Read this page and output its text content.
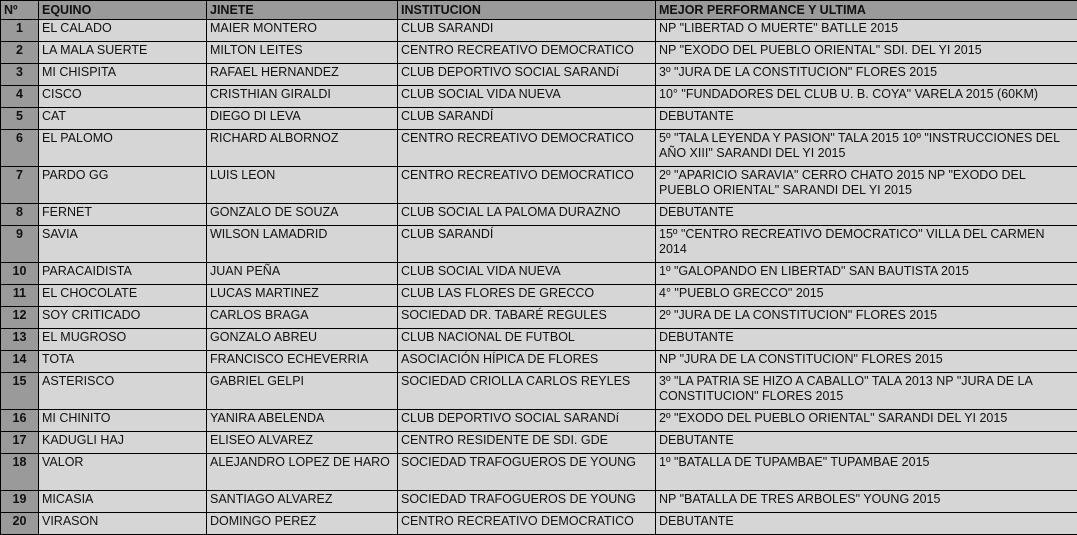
Nº	EQUINO	JINETE	INSTITUCION	MEJOR PERFORMANCE Y ULTIMA
1	EL CALADO	MAIER MONTERO	CLUB SARANDI	NP "LIBERTAD O MUERTE" BATLLE 2015
2	LA MALA SUERTE	MILTON LEITES	CENTRO RECREATIVO DEMOCRATICO	NP "EXODO DEL PUEBLO ORIENTAL" SDI. DEL YI 2015
3	MI CHISPITA	RAFAEL HERNANDEZ	CLUB DEPORTIVO SOCIAL SARANDí	3º "JURA DE LA CONSTITUCION" FLORES 2015
4	CISCO	CRISTHIAN GIRALDI	CLUB SOCIAL VIDA NUEVA	10° "FUNDADORES DEL CLUB U. B. COYA" VARELA 2015 (60KM)
5	CAT	DIEGO DI LEVA	CLUB SARANDÍ	DEBUTANTE
6	EL PALOMO	RICHARD ALBORNOZ	CENTRO RECREATIVO DEMOCRATICO	5º "TALA LEYENDA Y PASION" TALA 2015 10º "INSTRUCCIONES DEL AÑO XIII" SARANDI DEL YI 2015
7	PARDO GG	LUIS LEON	CENTRO RECREATIVO DEMOCRATICO	2º "APARICIO SARAVIA" CERRO CHATO 2015 NP "EXODO DEL PUEBLO ORIENTAL" SARANDI DEL YI 2015
8	FERNET	GONZALO DE SOUZA	CLUB SOCIAL LA PALOMA DURAZNO	DEBUTANTE
9	SAVIA	WILSON LAMADRID	CLUB SARANDÍ	15º "CENTRO RECREATIVO DEMOCRATICO" VILLA DEL CARMEN 2014
10	PARACAIDISTA	JUAN PEÑA	CLUB SOCIAL VIDA NUEVA	1º "GALOPANDO EN LIBERTAD" SAN BAUTISTA 2015
11	EL CHOCOLATE	LUCAS MARTINEZ	CLUB LAS FLORES DE GRECCO	4° "PUEBLO GRECCO" 2015
12	SOY CRITICADO	CARLOS BRAGA	SOCIEDAD DR. TABARÉ REGULES	2º "JURA DE LA CONSTITUCION" FLORES 2015
13	EL MUGROSO	GONZALO ABREU	CLUB NACIONAL DE FUTBOL	DEBUTANTE
14	TOTA	FRANCISCO ECHEVERRIA	ASOCIACIÓN HÍPICA DE FLORES	NP "JURA DE LA CONSTITUCION" FLORES 2015
15	ASTERISCO	GABRIEL GELPI	SOCIEDAD CRIOLLA CARLOS REYLES	3º "LA PATRIA SE HIZO A CABALLO" TALA 2013 NP "JURA DE LA CONSTITUCION" FLORES 2015
16	MI CHINITO	YANIRA ABELENDA	CLUB DEPORTIVO SOCIAL SARANDí	2º "EXODO DEL PUEBLO ORIENTAL" SARANDI DEL YI 2015
17	KADUGLI HAJ	ELISEO ALVAREZ	CENTRO RESIDENTE DE SDI. GDE	DEBUTANTE
18	VALOR	ALEJANDRO LOPEZ DE HARO	SOCIEDAD TRAFOGUEROS DE YOUNG	1º "BATALLA DE TUPAMBAE" TUPAMBAE 2015
19	MICASIA	SANTIAGO ALVAREZ	SOCIEDAD TRAFOGUEROS DE YOUNG	NP "BATALLA DE TRES ARBOLES" YOUNG 2015
20	VIRASON	DOMINGO PEREZ	CENTRO RECREATIVO DEMOCRATICO	DEBUTANTE
